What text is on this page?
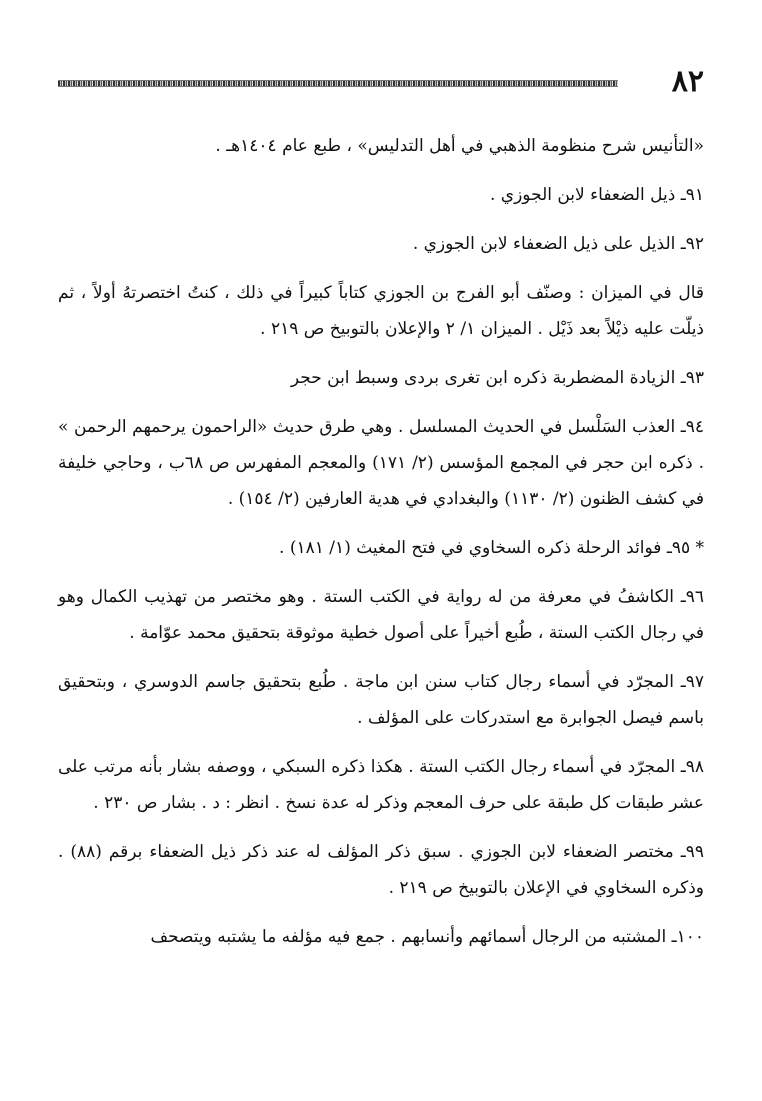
٨٢

«التأنيس شرح منظومة الذهبي في أهل التدليس» ، طبع عام ١٤٠٤هـ .

٩١ـ ذيل الضعفاء لابن الجوزي .

٩٢ـ الذيل على ذيل الضعفاء لابن الجوزي .

قال في الميزان : وصنّف أبو الفرج بن الجوزي كتاباً كبيراً في ذلك ، كنتُ اختصرتهُ أولاً ، ثم ذيلّت عليه ذيْلاً بعد ذَيْل . الميزان ١/ ٢ والإعلان بالتوبيخ ص ٢١٩ .

٩٣ـ الزيادة المضطربة ذكره ابن تغرى بردى وسبط ابن حجر

٩٤ـ العذب السَلْسل في الحديث المسلسل . وهي طرق حديث «الراحمون يرحمهم الرحمن » . ذكره ابن حجر في المجمع المؤسس (٢/ ١٧١) والمعجم المفهرس ص ٦٨ب ، وحاجي خليفة في كشف الظنون (٢/ ١١٣٠) والبغدادي في هدية العارفين (٢/ ١٥٤) .

* ٩٥ـ فوائد الرحلة ذكره السخاوي في فتح المغيث (١/ ١٨١) .

٩٦ـ الكاشفُ في معرفة من له رواية في الكتب الستة . وهو مختصر من تهذيب الكمال وهو في رجال الكتب الستة ، طُبع أخيراً على أصول خطية موثوقة بتحقيق محمد عوّامة .

٩٧ـ المجرّد في أسماء رجال كتاب سنن ابن ماجة . طُبع بتحقيق جاسم الدوسري ، وبتحقيق باسم فيصل الجوابرة مع استدركات على المؤلف .

٩٨ـ المجرّد في أسماء رجال الكتب الستة . هكذا ذكره السبكي ، ووصفه بشار بأنه مرتب على عشر طبقات كل طبقة على حرف المعجم وذكر له عدة نسخ . انظر : د . بشار ص ٢٣٠ .

٩٩ـ مختصر الضعفاء لابن الجوزي . سبق ذكر المؤلف له عند ذكر ذيل الضعفاء برقم (٨٨) . وذكره السخاوي في الإعلان بالتوبيخ ص ٢١٩ .

١٠٠ـ المشتبه من الرجال أسمائهم وأنسابهم . جمع فيه مؤلفه ما يشتبه ويتصحف
